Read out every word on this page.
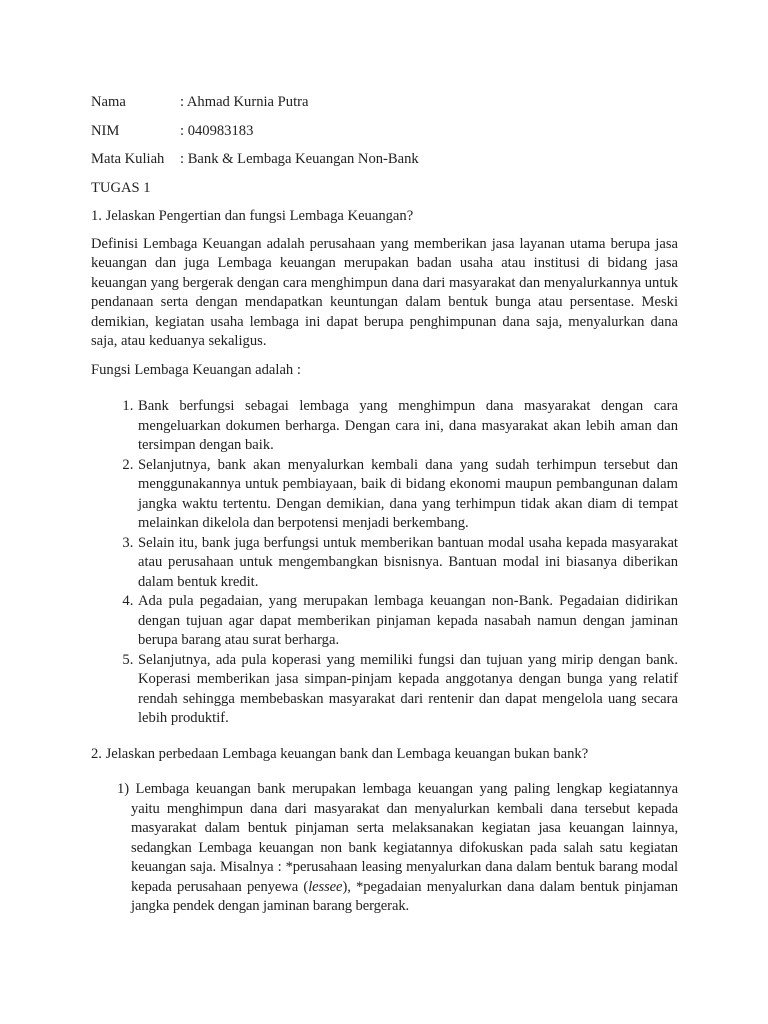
Nama	: Ahmad Kurnia Putra
NIM	: 040983183
Mata Kuliah	: Bank & Lembaga Keuangan Non-Bank
TUGAS 1
1. Jelaskan Pengertian dan fungsi Lembaga Keuangan?
Definisi Lembaga Keuangan adalah perusahaan yang memberikan jasa layanan utama berupa jasa keuangan dan juga Lembaga keuangan merupakan badan usaha atau institusi di bidang jasa keuangan yang bergerak dengan cara menghimpun dana dari masyarakat dan menyalurkannya untuk pendanaan serta dengan mendapatkan keuntungan dalam bentuk bunga atau persentase. Meski demikian, kegiatan usaha lembaga ini dapat berupa penghimpunan dana saja, menyalurkan dana saja, atau keduanya sekaligus.
Fungsi Lembaga Keuangan adalah :
1. Bank berfungsi sebagai lembaga yang menghimpun dana masyarakat dengan cara mengeluarkan dokumen berharga. Dengan cara ini, dana masyarakat akan lebih aman dan tersimpan dengan baik.
2. Selanjutnya, bank akan menyalurkan kembali dana yang sudah terhimpun tersebut dan menggunakannya untuk pembiayaan, baik di bidang ekonomi maupun pembangunan dalam jangka waktu tertentu. Dengan demikian, dana yang terhimpun tidak akan diam di tempat melainkan dikelola dan berpotensi menjadi berkembang.
3. Selain itu, bank juga berfungsi untuk memberikan bantuan modal usaha kepada masyarakat atau perusahaan untuk mengembangkan bisnisnya. Bantuan modal ini biasanya diberikan dalam bentuk kredit.
4. Ada pula pegadaian, yang merupakan lembaga keuangan non-Bank. Pegadaian didirikan dengan tujuan agar dapat memberikan pinjaman kepada nasabah namun dengan jaminan berupa barang atau surat berharga.
5. Selanjutnya, ada pula koperasi yang memiliki fungsi dan tujuan yang mirip dengan bank. Koperasi memberikan jasa simpan-pinjam kepada anggotanya dengan bunga yang relatif rendah sehingga membebaskan masyarakat dari rentenir dan dapat mengelola uang secara lebih produktif.
2. Jelaskan perbedaan Lembaga keuangan bank dan Lembaga keuangan bukan bank?
1) Lembaga keuangan bank merupakan lembaga keuangan yang paling lengkap kegiatannya yaitu menghimpun dana dari masyarakat dan menyalurkan kembali dana tersebut kepada masyarakat dalam bentuk pinjaman serta melaksanakan kegiatan jasa keuangan lainnya, sedangkan Lembaga keuangan non bank kegiatannya difokuskan pada salah satu kegiatan keuangan saja. Misalnya : *perusahaan leasing menyalurkan dana dalam bentuk barang modal kepada perusahaan penyewa (lessee), *pegadaian menyalurkan dana dalam bentuk pinjaman jangka pendek dengan jaminan barang bergerak.
